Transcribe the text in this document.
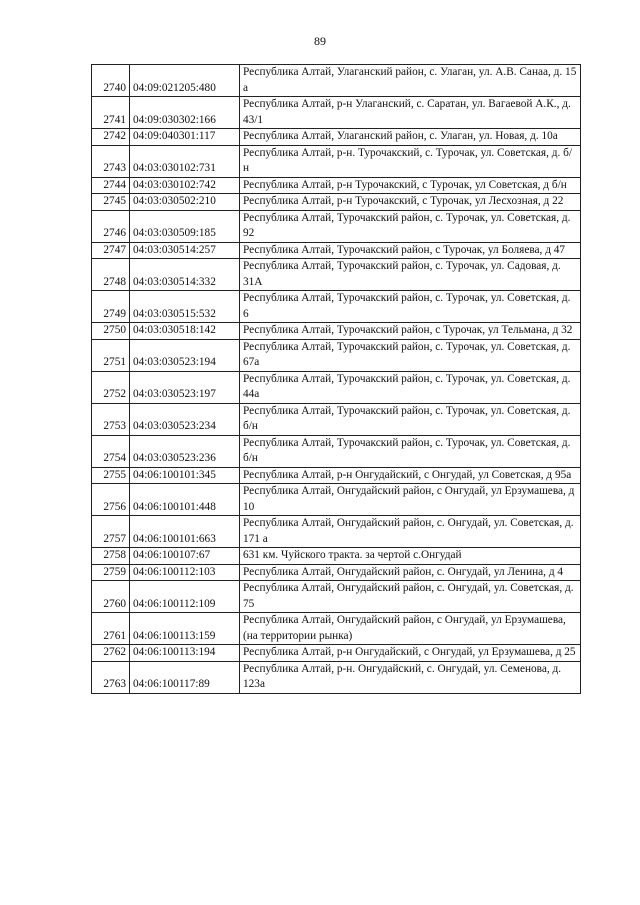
89
2740	04:09:021205:480	Республика Алтай, Улаганский район, с. Улаган, ул. А.В. Санаа, д. 15 а
2741	04:09:030302:166	Республика Алтай, р-н Улаганский, с. Саратан, ул. Вагаевой А.К., д. 43/1
2742	04:09:040301:117	Республика Алтай, Улаганский район, с. Улаган, ул. Новая, д. 10а
2743	04:03:030102:731	Республика Алтай, р-н. Турочакский, с. Турочак, ул. Советская, д. б/н
2744	04:03:030102:742	Республика Алтай, р-н Турочакский, с Турочак, ул Советская, д б/н
2745	04:03:030502:210	Республика Алтай, р-н Турочакский, с Турочак, ул Лесхозная, д 22
2746	04:03:030509:185	Республика Алтай, Турочакский район, с. Турочак, ул. Советская, д. 92
2747	04:03:030514:257	Республика Алтай, Турочакский район, с Турочак, ул Боляева, д 47
2748	04:03:030514:332	Республика Алтай, Турочакский район, с. Турочак, ул. Садовая, д. 31А
2749	04:03:030515:532	Республика Алтай, Турочакский район, с. Турочак, ул. Советская, д. 6
2750	04:03:030518:142	Республика Алтай, Турочакский район, с Турочак, ул Тельмана, д 32
2751	04:03:030523:194	Республика Алтай, Турочакский район, с. Турочак, ул. Советская, д. 67а
2752	04:03:030523:197	Республика Алтай, Турочакский район, с. Турочак, ул. Советская, д. 44а
2753	04:03:030523:234	Республика Алтай, Турочакский район, с. Турочак, ул. Советская, д. б/н
2754	04:03:030523:236	Республика Алтай, Турочакский район, с. Турочак, ул. Советская, д. б/н
2755	04:06:100101:345	Республика Алтай, р-н Онгудайский, с Онгудай, ул Советская, д 95а
2756	04:06:100101:448	Республика Алтай, Онгудайский район, с Онгудай, ул Ерзумашева, д 10
2757	04:06:100101:663	Республика Алтай, Онгудайский район, с. Онгудай, ул. Советская, д. 171 а
2758	04:06:100107:67	631 км. Чуйского тракта. за чертой с.Онгудай
2759	04:06:100112:103	Республика Алтай, Онгудайский район, с. Онгудай, ул Ленина, д 4
2760	04:06:100112:109	Республика Алтай, Онгудайский район, с. Онгудай, ул. Советская, д. 75
2761	04:06:100113:159	Республика Алтай, Онгудайский район, с Онгудай, ул Ерзумашева, (на территории рынка)
2762	04:06:100113:194	Республика Алтай, р-н Онгудайский, с Онгудай, ул Ерзумашева, д 25
2763	04:06:100117:89	Республика Алтай, р-н. Онгудайский, с. Онгудай, ул. Семенова, д. 123а
